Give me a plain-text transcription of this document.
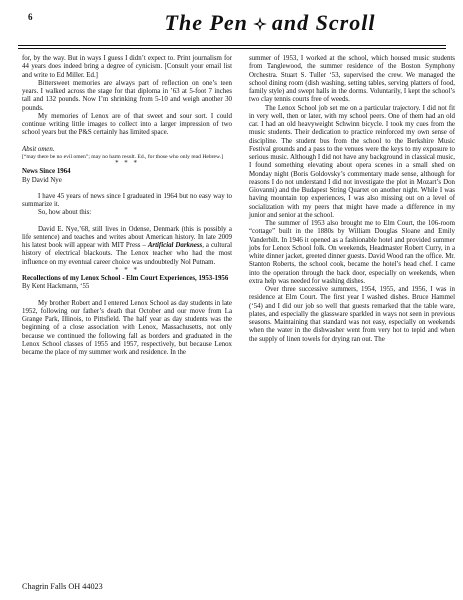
6	The Pen and Scroll

for, by the way. But in ways I guess I didn’t expect to. Print journalism for 44 years does indeed bring a degree of cynicism. [Consult your email list and write to Ed Miller. Ed.]

Bittersweet memories are always part of reflection on one’s teen years. I walked across the stage for that diploma in ’63 at 5-foot 7 inches tall and 132 pounds. Now I’m shrinking from 5-10 and weigh another 30 pounds.

My memories of Lenox are of that sweet and sour sort. I could continue writing little images to collect into a larger impression of two school years but the P&S certainly has limited space.

Absit omen.

[“may there be no evil omen”; may no harm result. Ed., for those who only read Hebrew.]

* * *

News Since 1964

By David Nye

I have 45 years of news since I graduated in 1964 but no easy way to summarize it.

So, how about this:

David E. Nye,’68, still lives in Odense, Denmark (this is possibly a life sentence) and teaches and writes about American history. In late 2009 his latest book will appear with MIT Press – Artificial Darkness, a cultural history of electrical blackouts. The Lenox teacher who had the most influence on my eventual career choice was undoubtedly Nol Putnam.

* * *

Recollections of my Lenox School - Elm Court Experiences, 1953-1956

By Kent Hackmann, ‘55

My brother Robert and I entered Lenox School as day students in late 1952, following our father’s death that October and our move from La Grange Park, Illinois, to Pittsfield. The half year as day students was the beginning of a close association with Lenox, Massachusetts, not only because we continued the following fall as borders and graduated in the Lenox School classes of 1955 and 1957, respectively, but because Lenox became the place of my summer work and residence. In the

summer of 1953, I worked at the school, which housed music students from Tanglewood, the summer residence of the Boston Symphony Orchestra. Stuart S. Tuller ‘53, supervised the crew. We managed the school dining room (dish washing, setting tables, serving platters of food, family style) and swept halls in the dorms. Voluntarily, I kept the school’s two clay tennis courts free of weeds.

The Lenox School job set me on a particular trajectory. I did not fit in very well, then or later, with my school peers. One of them had an old car. I had an old heavyweight Schwinn bicycle. I took my cues from the music students. Their dedication to practice reinforced my own sense of discipline. The student bus from the school to the Berkshire Music Festival grounds and a pass to the venues were the keys to my exposure to serious music. Although I did not have any background in classical music, I found something elevating about opera scenes in a small shed on Monday night (Boris Goldovsky’s commentary made sense, although for reasons I do not understand I did not investigate the plot in Mozart’s Don Giovanni) and the Budapest String Quartet on another night. While I was having mountain top experiences, I was also missing out on a level of socialization with my peers that might have made a difference in my junior and senior at the school.

The summer of 1953 also brought me to Elm Court, the 106-room “cottage” built in the 1880s by William Douglas Sloane and Emily Vanderbilt. In 1946 it opened as a fashionable hotel and provided summer jobs for Lenox School folk. On weekends, Headmaster Robert Curry, in a white dinner jacket, greeted dinner guests. David Wood ran the office. Mr. Stanton Roberts, the school cook, became the hotel’s head chef. I came into the operation through the back door, especially on weekends, when extra help was needed for washing dishes.

Over three successive summers, 1954, 1955, and 1956, I was in residence at Elm Court. The first year I washed dishes. Bruce Hammel (‘54) and I did our job so well that guests remarked that the table ware, plates, and especially the glassware sparkled in ways not seen in previous seasons. Maintaining that standard was not easy, especially on weekends when the water in the dishwasher went from very hot to tepid and when the supply of linen towels for drying ran out. The

Chagrin Falls OH 44023
